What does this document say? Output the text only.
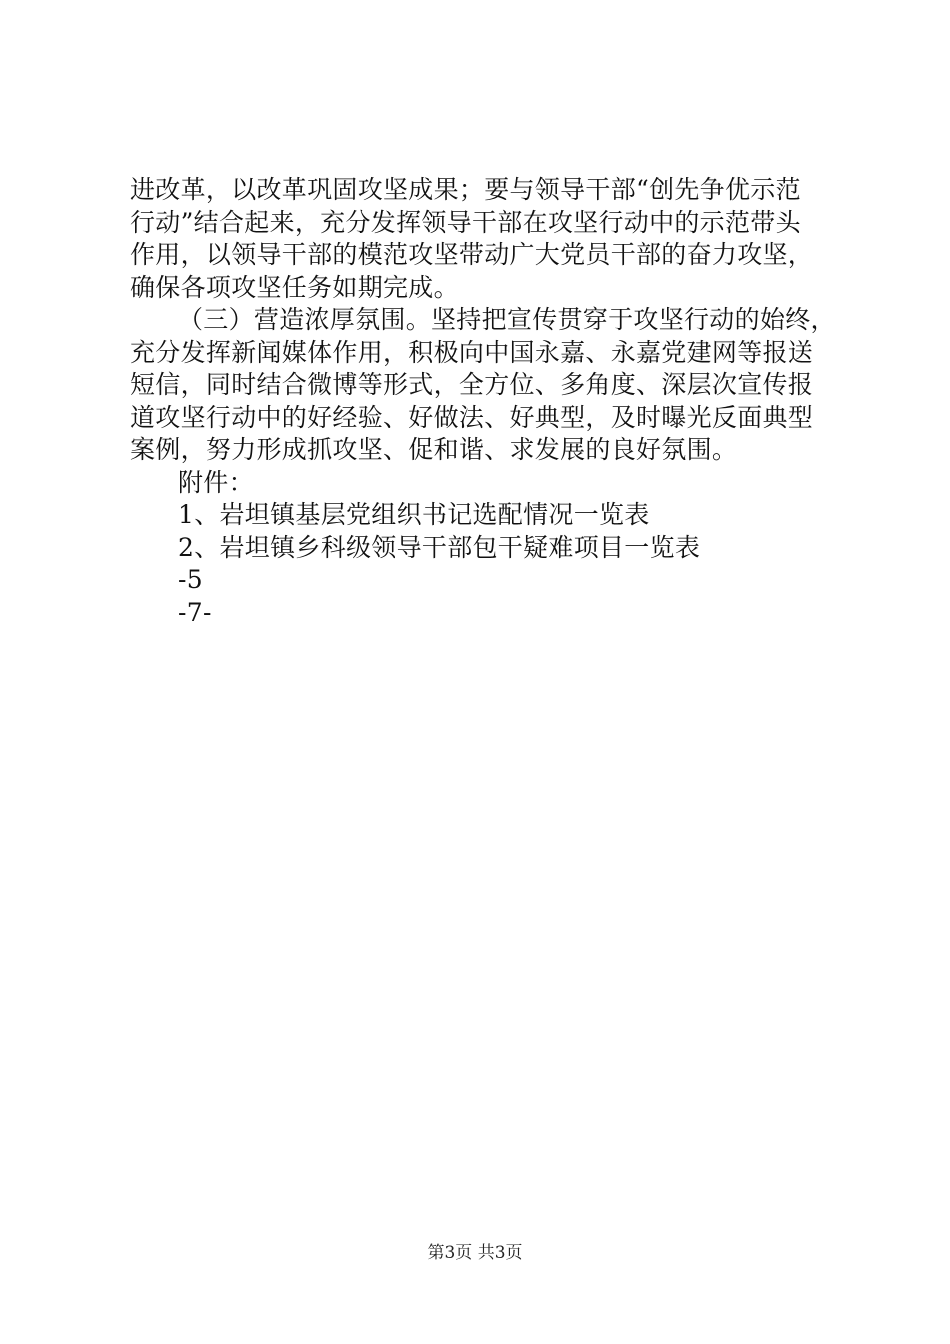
进改革，以改革巩固攻坚成果；要与领导干部“创先争优示范
行动”结合起来，充分发挥领导干部在攻坚行动中的示范带头
作用，以领导干部的模范攻坚带动广大党员干部的奋力攻坚，
确保各项攻坚任务如期完成。
（三）营造浓厚氛围。坚持把宣传贯穿于攻坚行动的始终，
充分发挥新闻媒体作用，积极向中国永嘉、永嘉党建网等报送
短信，同时结合微博等形式，全方位、多角度、深层次宣传报
道攻坚行动中的好经验、好做法、好典型，及时曝光反面典型
案例，努力形成抓攻坚、促和谐、求发展的良好氛围。
附件：
1、岩坦镇基层党组织书记选配情况一览表
2、岩坦镇乡科级领导干部包干疑难项目一览表
-5
-7-
第3页 共3页
